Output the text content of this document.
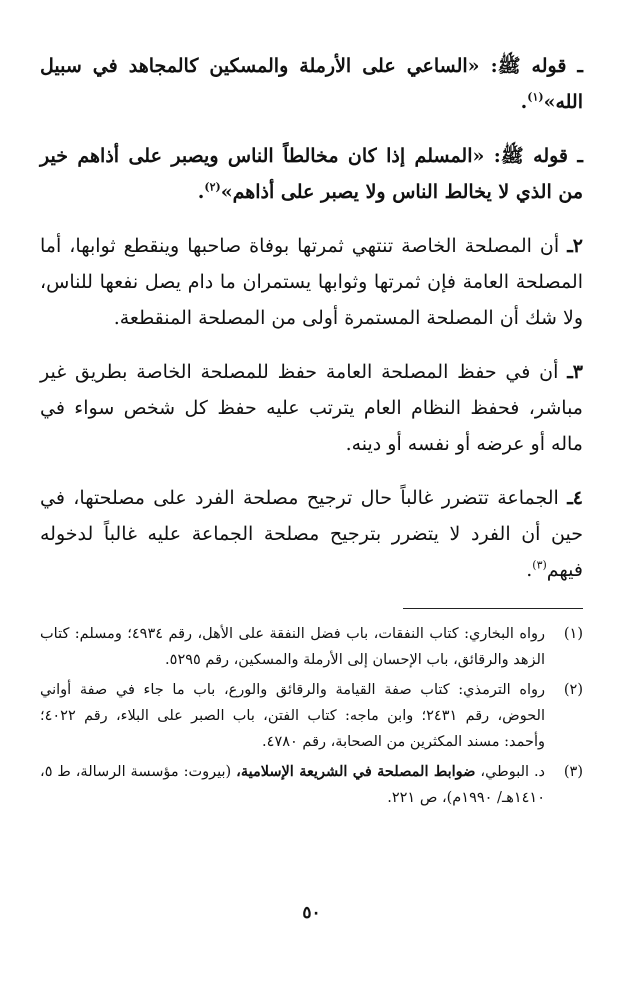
ـ قوله ﷺ: «الساعي على الأرملة والمسكين كالمجاهد في سبيل الله»$^{(١)}$.

ـ قوله ﷺ: «المسلم إذا كان مخالطاً الناس ويصبر على أذاهم خير من الذي لا يخالط الناس ولا يصبر على أذاهم»$^{(٢)}$.

٢ـ أن المصلحة الخاصة تنتهي ثمرتها بوفاة صاحبها وينقطع ثوابها، أما المصلحة العامة فإن ثمرتها وثوابها يستمران ما دام يصل نفعها للناس، ولا شك أن المصلحة المستمرة أولى من المصلحة المنقطعة.

٣ـ أن في حفظ المصلحة العامة حفظ للمصلحة الخاصة بطريق غير مباشر، فحفظ النظام العام يترتب عليه حفظ كل شخص سواء في ماله أو عرضه أو نفسه أو دينه.

٤ـ الجماعة تتضرر غالباً حال ترجيح مصلحة الفرد على مصلحتها، في حين أن الفرد لا يتضرر بترجيح مصلحة الجماعة عليه غالباً لدخوله فيهم$^{(٣)}$.

(١)
رواه البخاري: كتاب النفقات، باب فضل النفقة على الأهل، رقم ٤٩٣٤؛ ومسلم: كتاب الزهد والرقائق، باب الإحسان إلى الأرملة والمسكين، رقم ٥٢٩٥.
(٢)
رواه الترمذي: كتاب صفة القيامة والرقائق والورع، باب ما جاء في صفة أواني الحوض، رقم ٢٤٣١؛ وابن ماجه: كتاب الفتن، باب الصبر على البلاء، رقم ٤٠٢٢؛ وأحمد: مسند المكثرين من الصحابة، رقم ٤٧٨٠.
(٣)
د. البوطي، ضوابط المصلحة في الشريعة الإسلامية، (بيروت: مؤسسة الرسالة، ط ٥، ١٤١٠هـ/ ١٩٩٠م)، ص ٢٢١.
٥٠
